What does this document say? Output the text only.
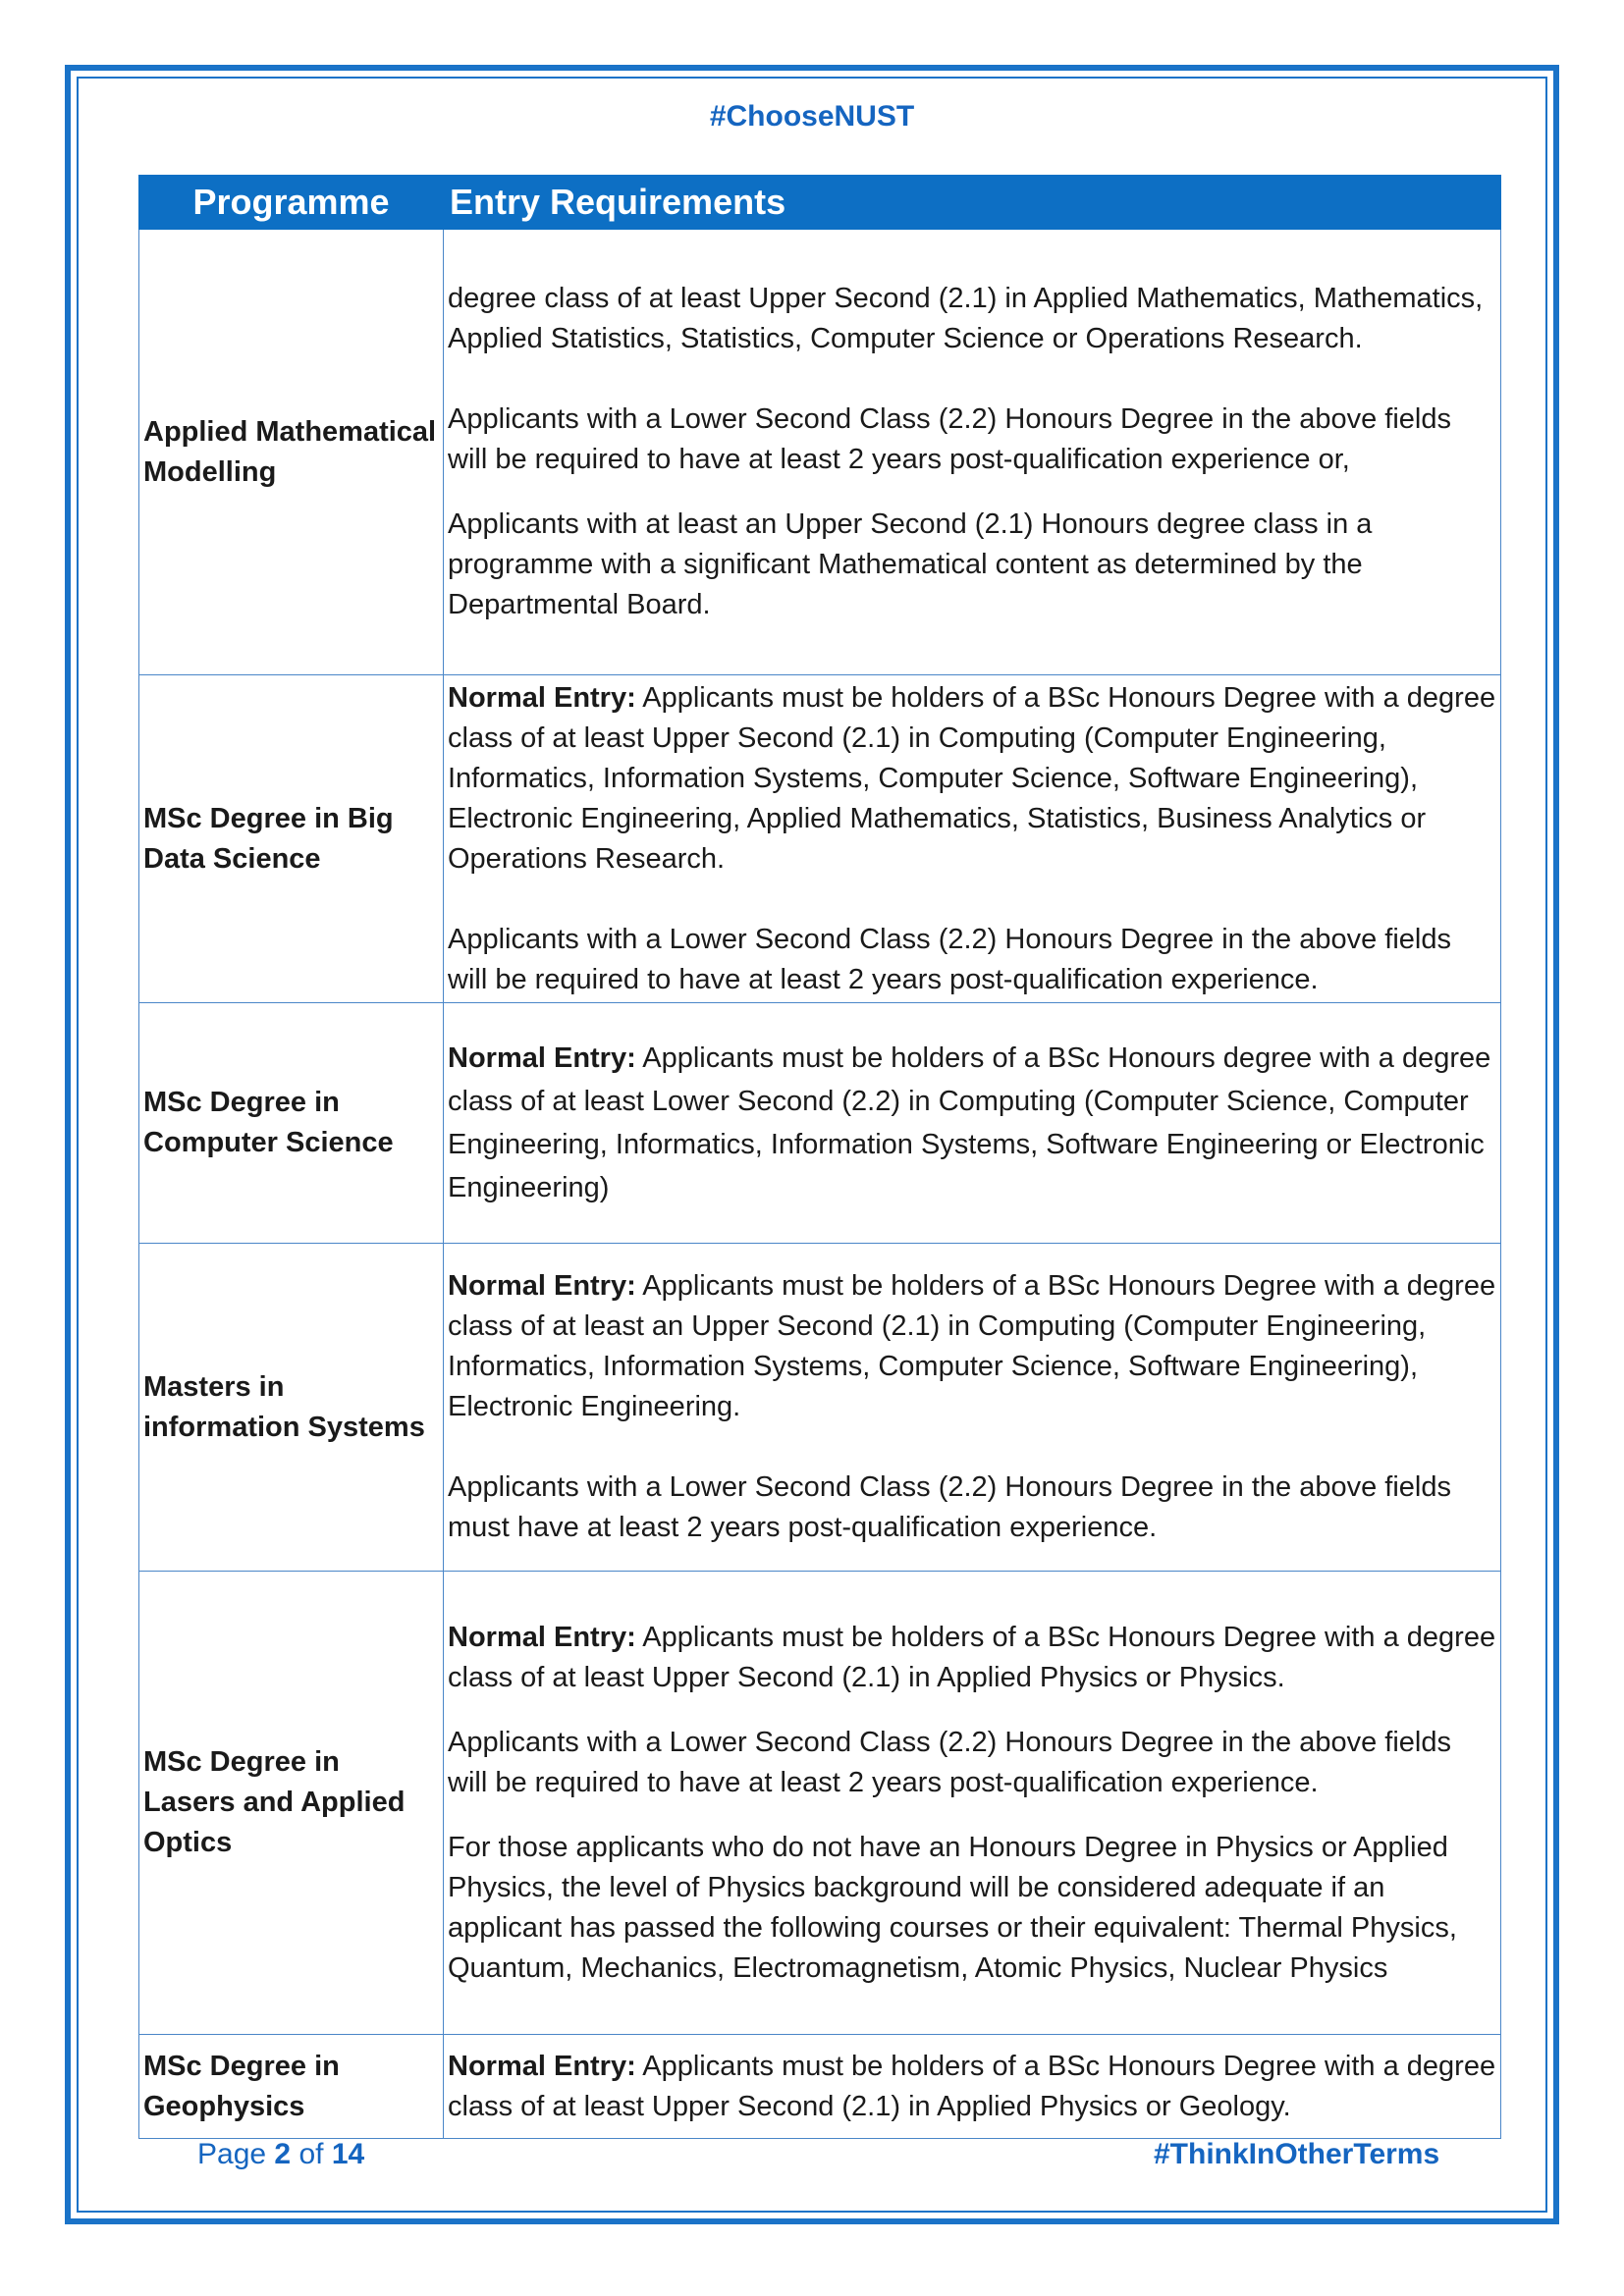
#ChooseNUST
Programme	Entry Requirements
Applied Mathematical Modelling	degree class of at least Upper Second (2.1) in Applied Mathematics, Mathematics, Applied Statistics, Statistics, Computer Science or Operations Research.

Applicants with a Lower Second Class (2.2) Honours Degree in the above fields will be required to have at least 2 years post-qualification experience or,

Applicants with at least an Upper Second (2.1) Honours degree class in a programme with a significant Mathematical content as determined by the Departmental Board.

MSc Degree in Big Data Science	Normal Entry: Applicants must be holders of a BSc Honours Degree with a degree class of at least Upper Second (2.1) in Computing (Computer Engineering, Informatics, Information Systems, Computer Science, Software Engineering), Electronic Engineering, Applied Mathematics, Statistics, Business Analytics or Operations Research.

Applicants with a Lower Second Class (2.2) Honours Degree in the above fields will be required to have at least 2 years post-qualification experience.

MSc Degree in Computer Science	Normal Entry: Applicants must be holders of a BSc Honours degree with a degree class of at least Lower Second (2.2) in Computing (Computer Science, Computer Engineering, Informatics, Information Systems, Software Engineering or Electronic Engineering)

Masters in information Systems	Normal Entry: Applicants must be holders of a BSc Honours Degree with a degree class of at least an Upper Second (2.1) in Computing (Computer Engineering, Informatics, Information Systems, Computer Science, Software Engineering), Electronic Engineering.

Applicants with a Lower Second Class (2.2) Honours Degree in the above fields must have at least 2 years post-qualification experience.

MSc Degree in Lasers and Applied Optics	Normal Entry: Applicants must be holders of a BSc Honours Degree with a degree class of at least Upper Second (2.1) in Applied Physics or Physics.

Applicants with a Lower Second Class (2.2) Honours Degree in the above fields will be required to have at least 2 years post-qualification experience.

For those applicants who do not have an Honours Degree in Physics or Applied Physics, the level of Physics background will be considered adequate if an applicant has passed the following courses or their equivalent: Thermal Physics, Quantum, Mechanics, Electromagnetism, Atomic Physics, Nuclear Physics

MSc Degree in Geophysics	Normal Entry: Applicants must be holders of a BSc Honours Degree with a degree class of at least Upper Second (2.1) in Applied Physics or Geology.

Page 2 of 14	#ThinkInOtherTerms
